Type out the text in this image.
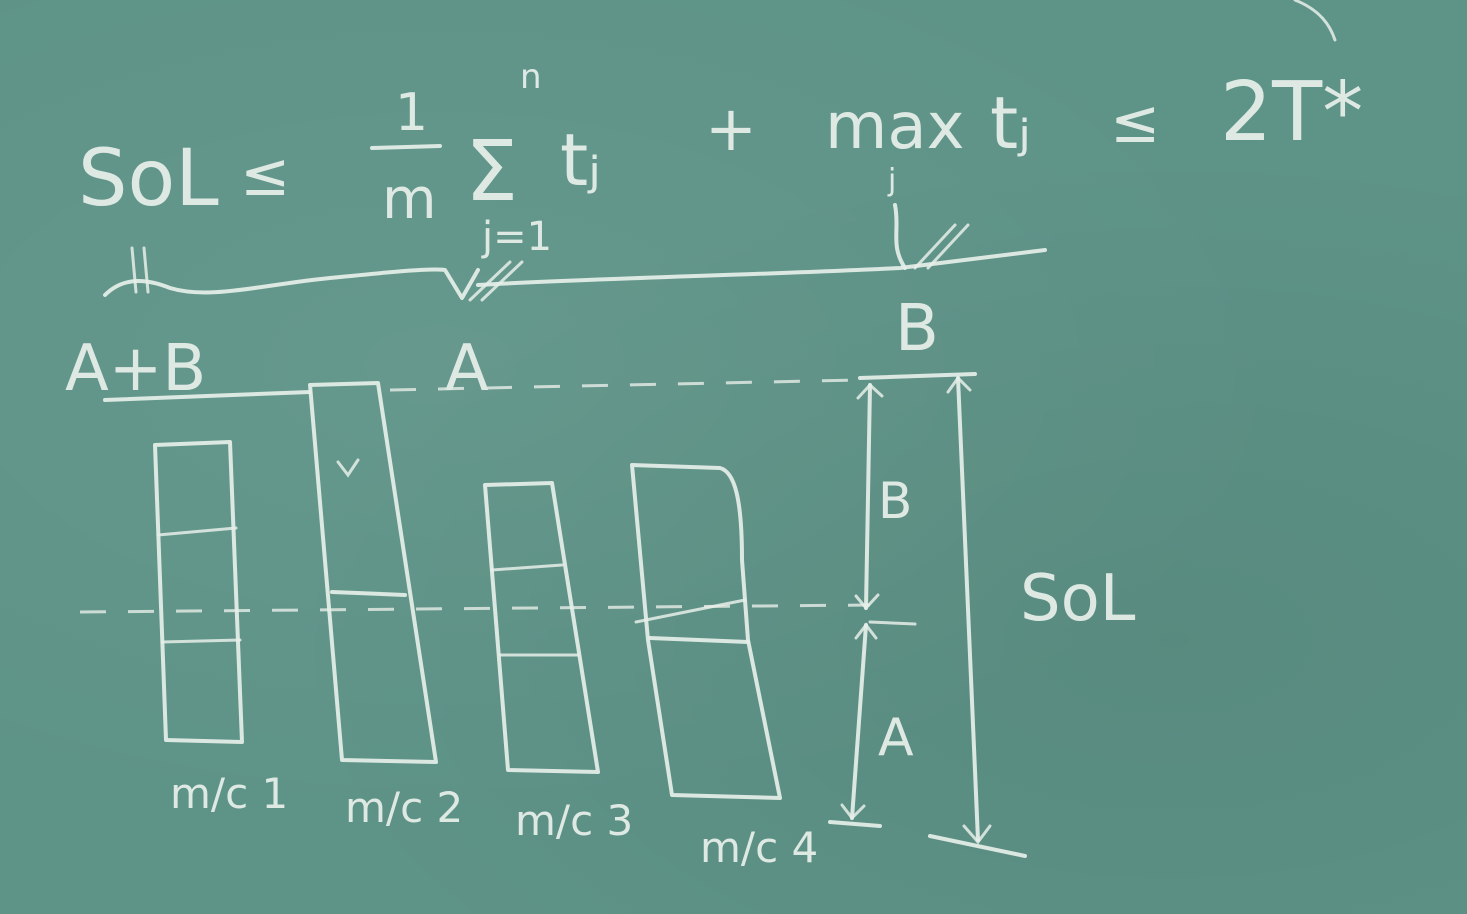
SoL ≤
1
m Σ
n
j=1
tⱼ + max
j
tⱼ ≤ 2T*
A+B	A
B
m/c 1 m/c 2 m/c 3
m/c 4
B
A
SoL
